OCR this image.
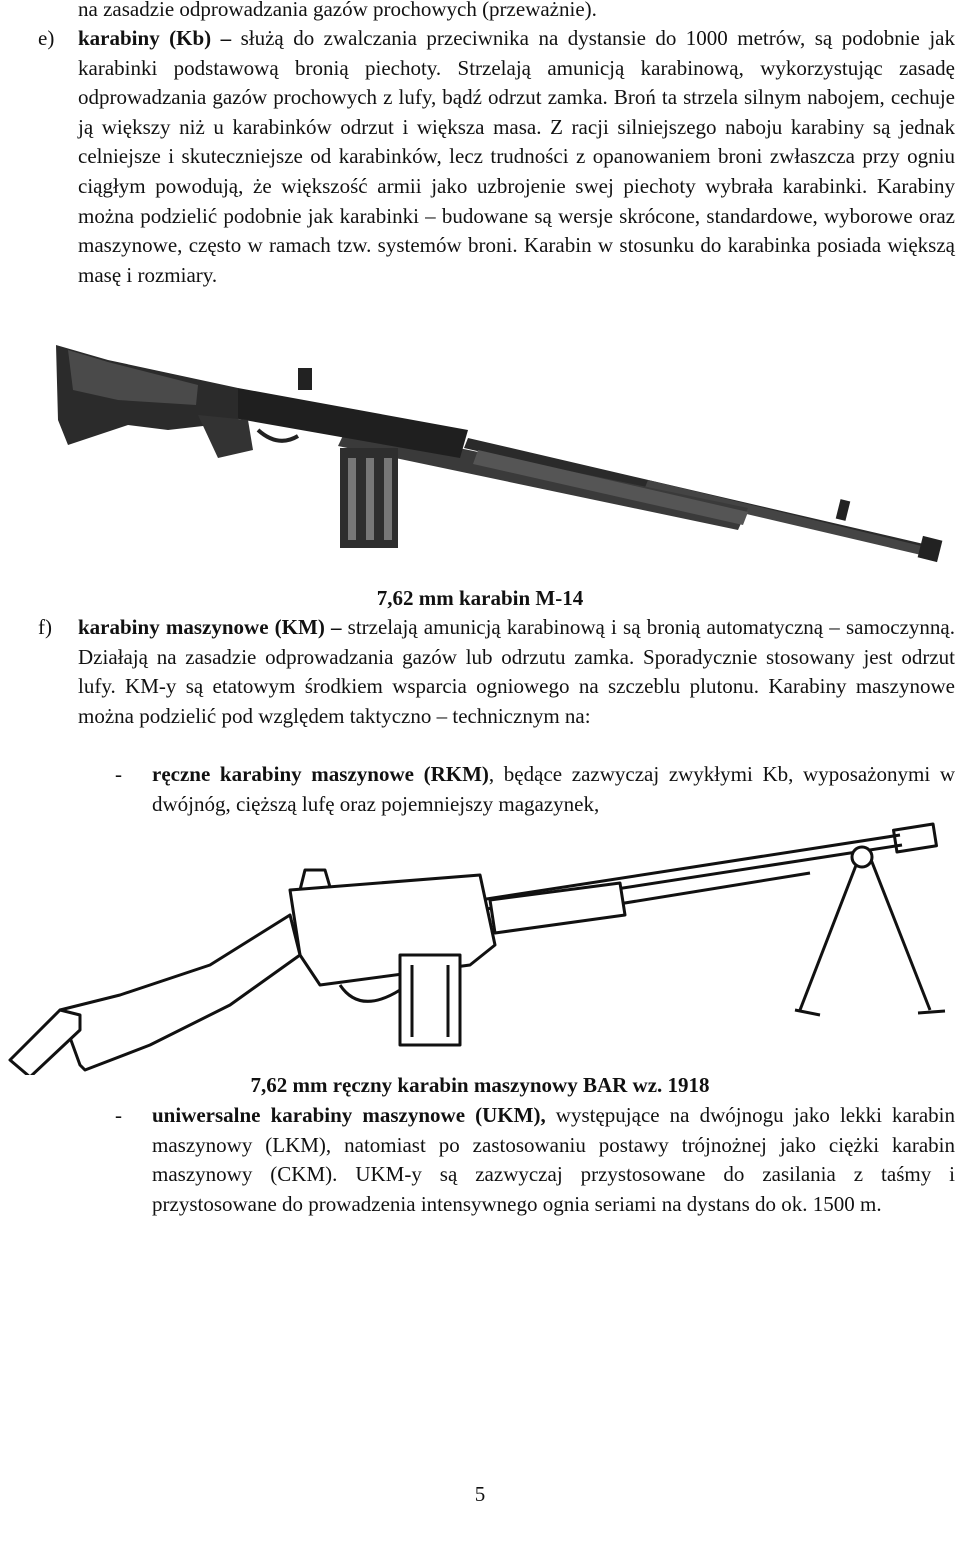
na zasadzie odprowadzania gazów prochowych (przeważnie).

e) karabiny (Kb) – służą do zwalczania przeciwnika na dystansie do 1000 metrów, są podobnie jak karabinki podstawową bronią piechoty. Strzelają amunicją karabinową, wykorzystując zasadę odprowadzania gazów prochowych z lufy, bądź odrzut zamka. Broń ta strzela silnym nabojem, cechuje ją większy niż u karabinków odrzut i większa masa. Z racji silniejszego naboju karabiny są jednak celniejsze i skuteczniejsze od karabinków, lecz trudności z opanowaniem broni zwłaszcza przy ogniu ciągłym powodują, że większość armii jako uzbrojenie swej piechoty wybrała karabinki. Karabiny można podzielić podobnie jak karabinki – budowane są wersje skrócone, standardowe, wyborowe oraz maszynowe, często w ramach tzw. systemów broni. Karabin w stosunku do karabinka posiada większą masę i rozmiary.

7,62 mm karabin M-14

f) karabiny maszynowe (KM) – strzelają amunicją karabinową i są bronią automatyczną – samoczynną. Działają na zasadzie odprowadzania gazów lub odrzutu zamka. Sporadycznie stosowany jest odrzut lufy. KM-y są etatowym środkiem wsparcia ogniowego na szczeblu plutonu. Karabiny maszynowe można podzielić pod względem taktyczno – technicznym na:

- ręczne karabiny maszynowe (RKM), będące zazwyczaj zwykłymi Kb, wyposażonymi w dwójnóg, cięższą lufę oraz pojemniejszy magazynek,

7,62 mm ręczny karabin maszynowy BAR wz. 1918

- uniwersalne karabiny maszynowe (UKM), występujące na dwójnogu jako lekki karabin maszynowy (LKM), natomiast po zastosowaniu postawy trójnożnej jako ciężki karabin maszynowy (CKM). UKM-y są zazwyczaj przystosowane do zasilania z taśmy i przystosowane do prowadzenia intensywnego ognia seriami na dystans do ok. 1500 m.

5
